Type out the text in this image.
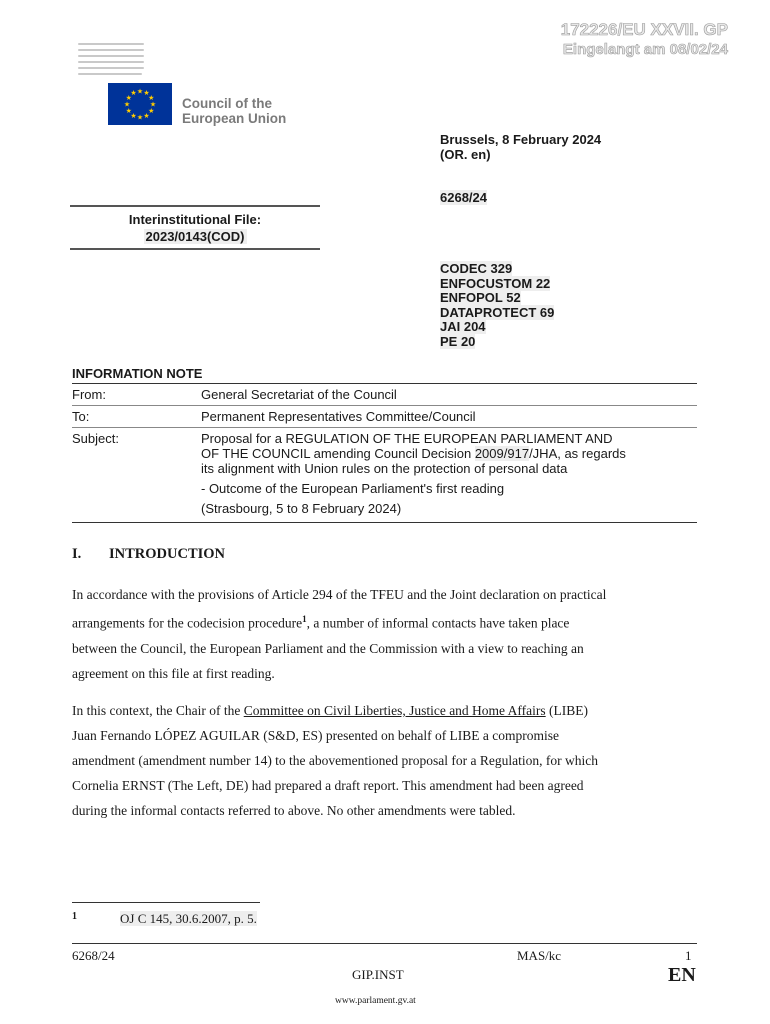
172226/EU XXVII. GP
Eingelangt am 08/02/24
★ ★
★
★
★
★
★
★
★
★
★
★
Council of the
European Union
Brussels, 8 February 2024
(OR. en)
6268/24
Interinstitutional File:
2023/0143(COD)
CODEC 329
ENFOCUSTOM 22
ENFOPOL 52
DATAPROTECT 69
JAI 204
PE 20
INFORMATION NOTE
From:	General Secretariat of the Council
To:	Permanent Representatives Committee/Council
Subject:	Proposal for a REGULATION OF THE EUROPEAN PARLIAMENT AND

OF THE COUNCIL amending Council Decision 2009/917/JHA, as regards

its alignment with Union rules on the protection of personal data

- Outcome of the European Parliament's first reading

(Strasbourg, 5 to 8 February 2024)

I. INTRODUCTION
In accordance with the provisions of Article 294 of the TFEU and the Joint declaration on practical
arrangements for the codecision procedure$^1$, a number of informal contacts have taken place
between the Council, the European Parliament and the Commission with a view to reaching an
agreement on this file at first reading.
In this context, the Chair of the Committee on Civil Liberties, Justice and Home Affairs (LIBE)
Juan Fernando LÓPEZ AGUILAR (S&D, ES) presented on behalf of LIBE a compromise
amendment (amendment number 14) to the abovementioned proposal for a Regulation, for which
Cornelia ERNST (The Left, DE) had prepared a draft report. This amendment had been agreed
during the informal contacts referred to above. No other amendments were tabled.
1	OJ C 145, 30.6.2007, p. 5.
6268/24	MAS/kc	1
GIP.INST	EN
www.parlament.gv.at
